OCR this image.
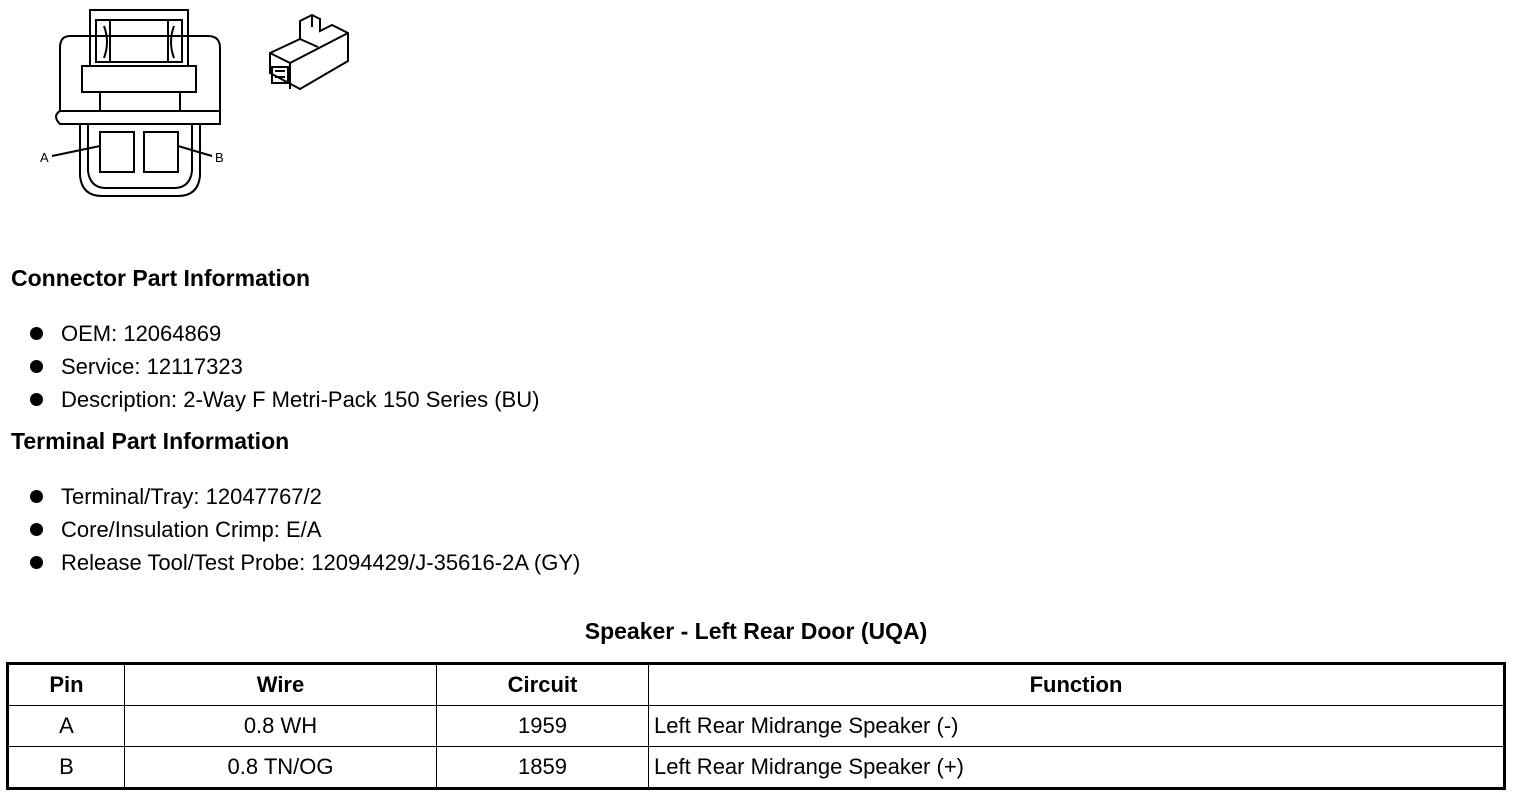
A	B
Connector Part Information
OEM: 12064869
Service: 12117323
Description: 2-Way F Metri-Pack 150 Series (BU)
Terminal Part Information
Terminal/Tray: 12047767/2
Core/Insulation Crimp: E/A
Release Tool/Test Probe: 12094429/J-35616-2A (GY)
Speaker - Left Rear Door (UQA)
Pin	Wire	Circuit	Function
A	0.8 WH	1959	Left Rear Midrange Speaker (-)
B	0.8 TN/OG	1859	Left Rear Midrange Speaker (+)
